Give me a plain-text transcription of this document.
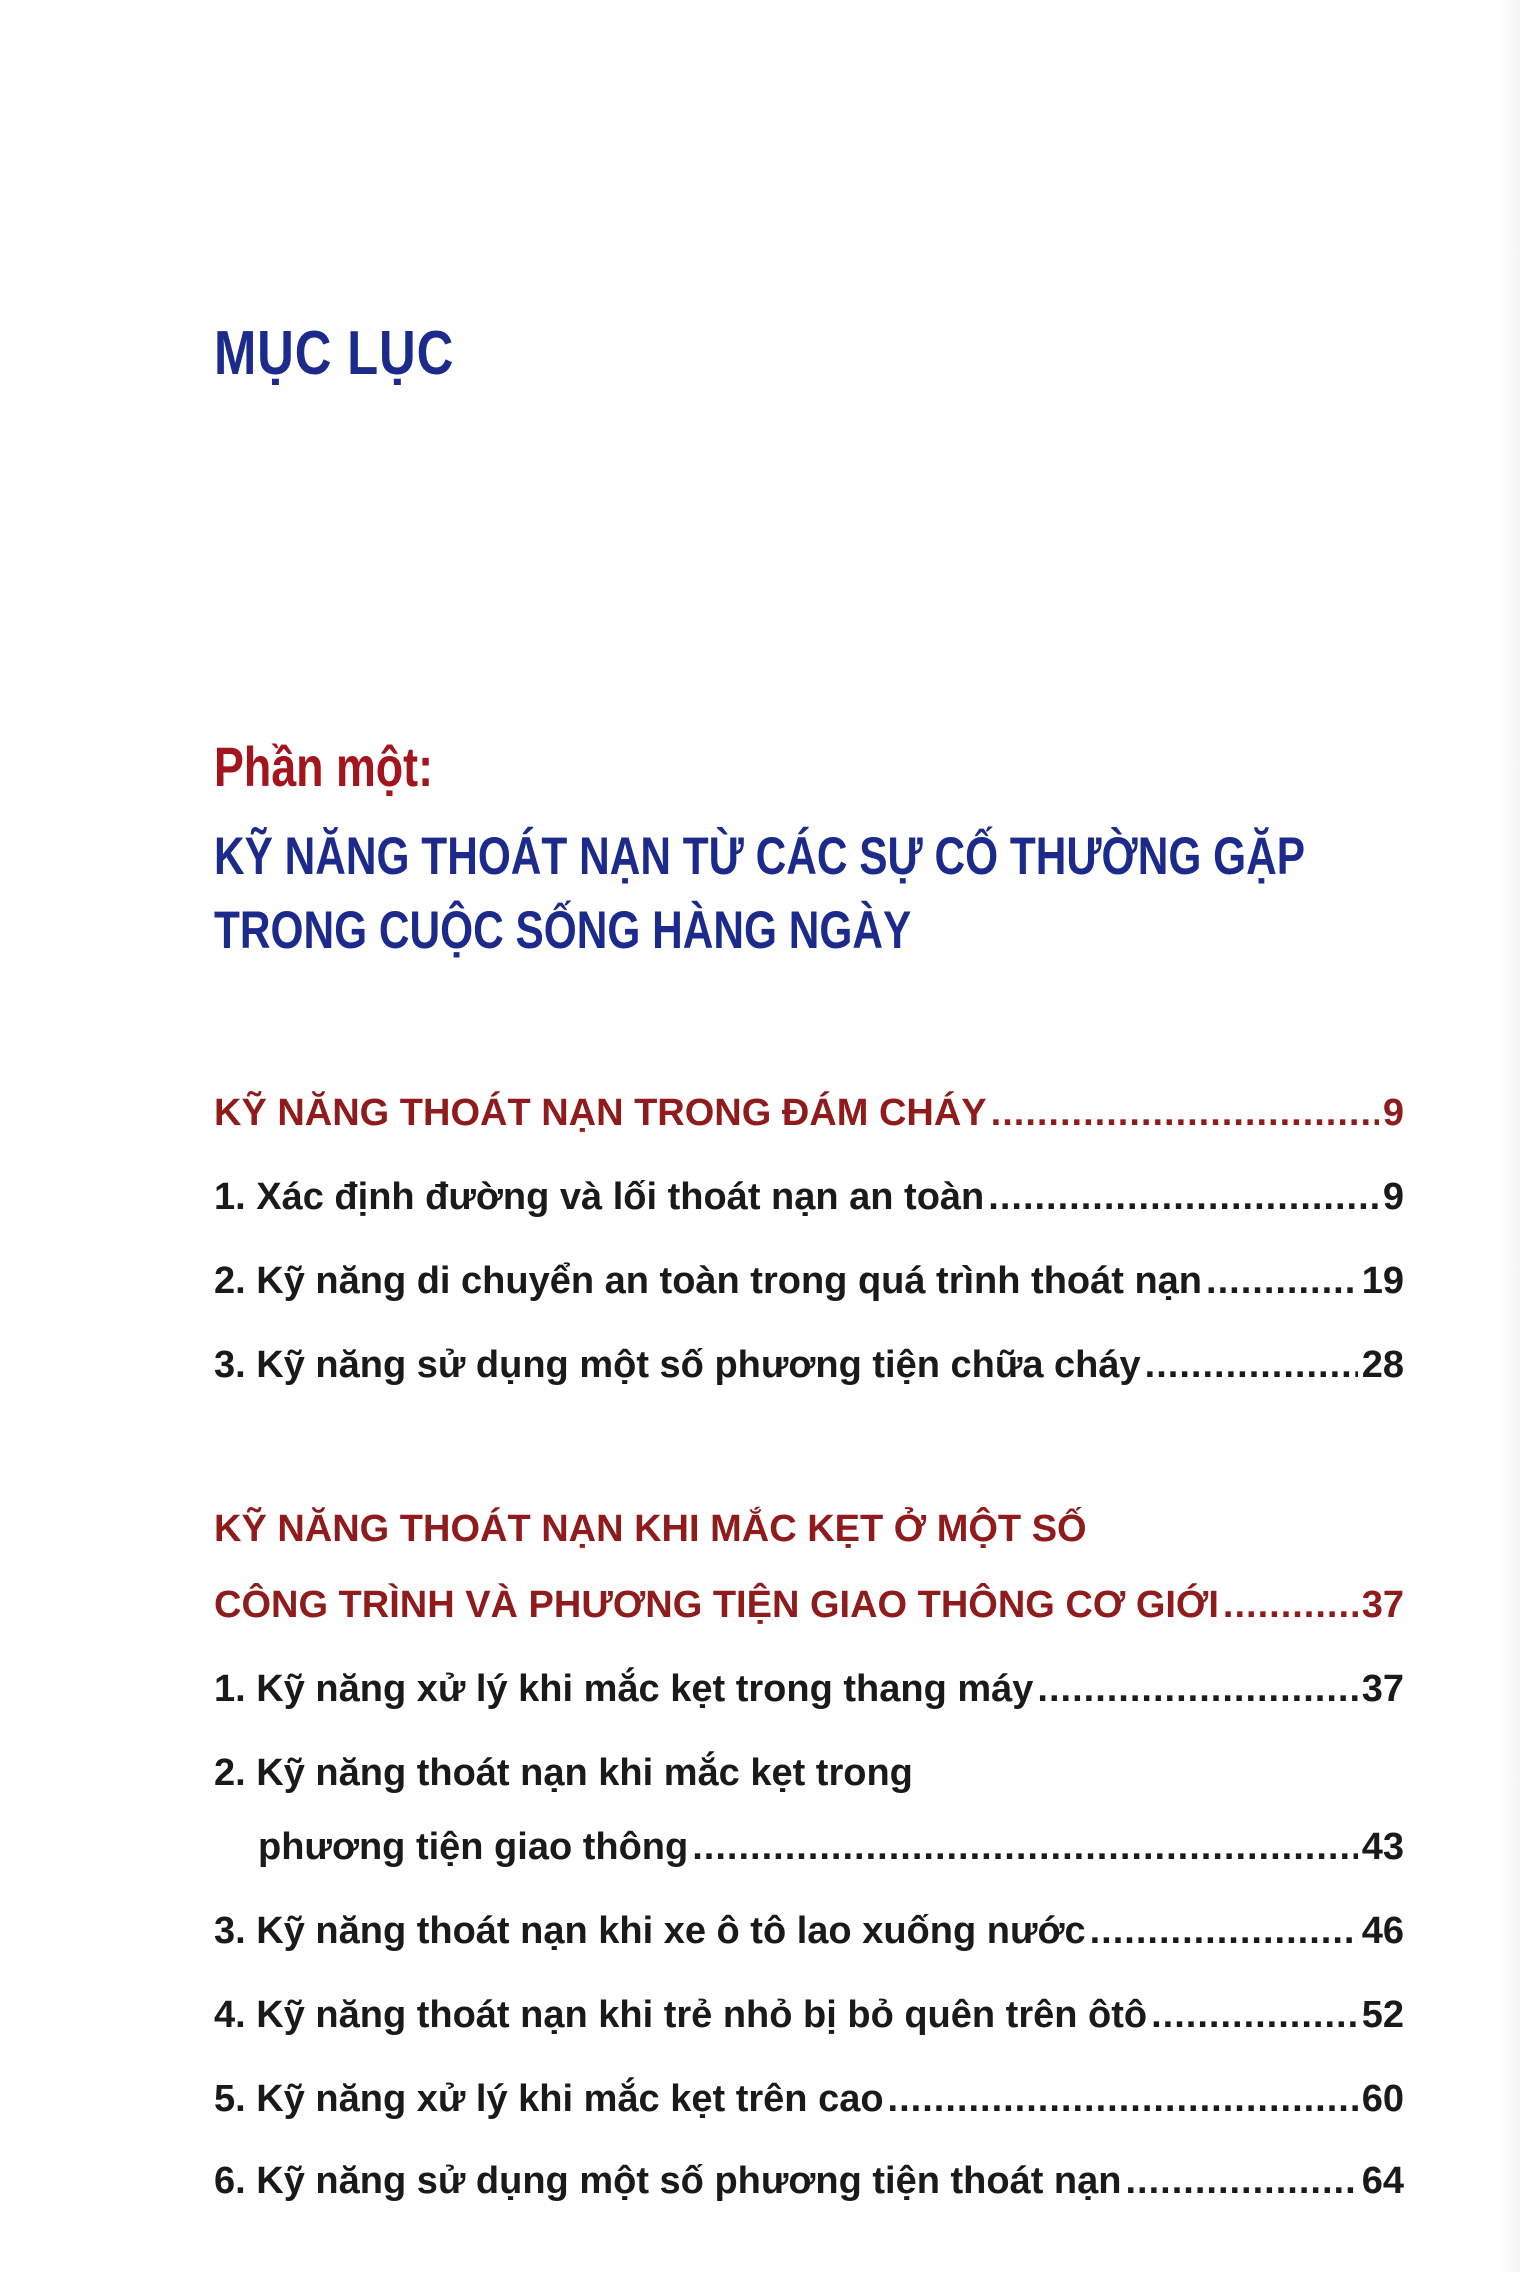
MỤC LỤC
Phần một:
KỸ NĂNG THOÁT NẠN TỪ CÁC SỰ CỐ THƯỜNG GẶP
TRONG CUỘC SỐNG HÀNG NGÀY
KỸ NĂNG THOÁT NẠN TRONG ĐÁM CHÁY .....	9
1. Xác định đường và lối thoát nạn an toàn .....	9
2. Kỹ năng di chuyển an toàn trong quá trình thoát nạn .....	19
3. Kỹ năng sử dụng một số phương tiện chữa cháy .....	28
KỸ NĂNG THOÁT NẠN KHI MẮC KẸT Ở MỘT SỐ
CÔNG TRÌNH VÀ PHƯƠNG TIỆN GIAO THÔNG CƠ GIỚI .....	37
1. Kỹ năng xử lý khi mắc kẹt trong thang máy .....	37
2. Kỹ năng thoát nạn khi mắc kẹt trong
phương tiện giao thông .....	43
3. Kỹ năng thoát nạn khi xe ô tô lao xuống nước .....	46
4. Kỹ năng thoát nạn khi trẻ nhỏ bị bỏ quên trên ôtô .....	52
5. Kỹ năng xử lý khi mắc kẹt trên cao .....	60
6. Kỹ năng sử dụng một số phương tiện thoát nạn .....	64
